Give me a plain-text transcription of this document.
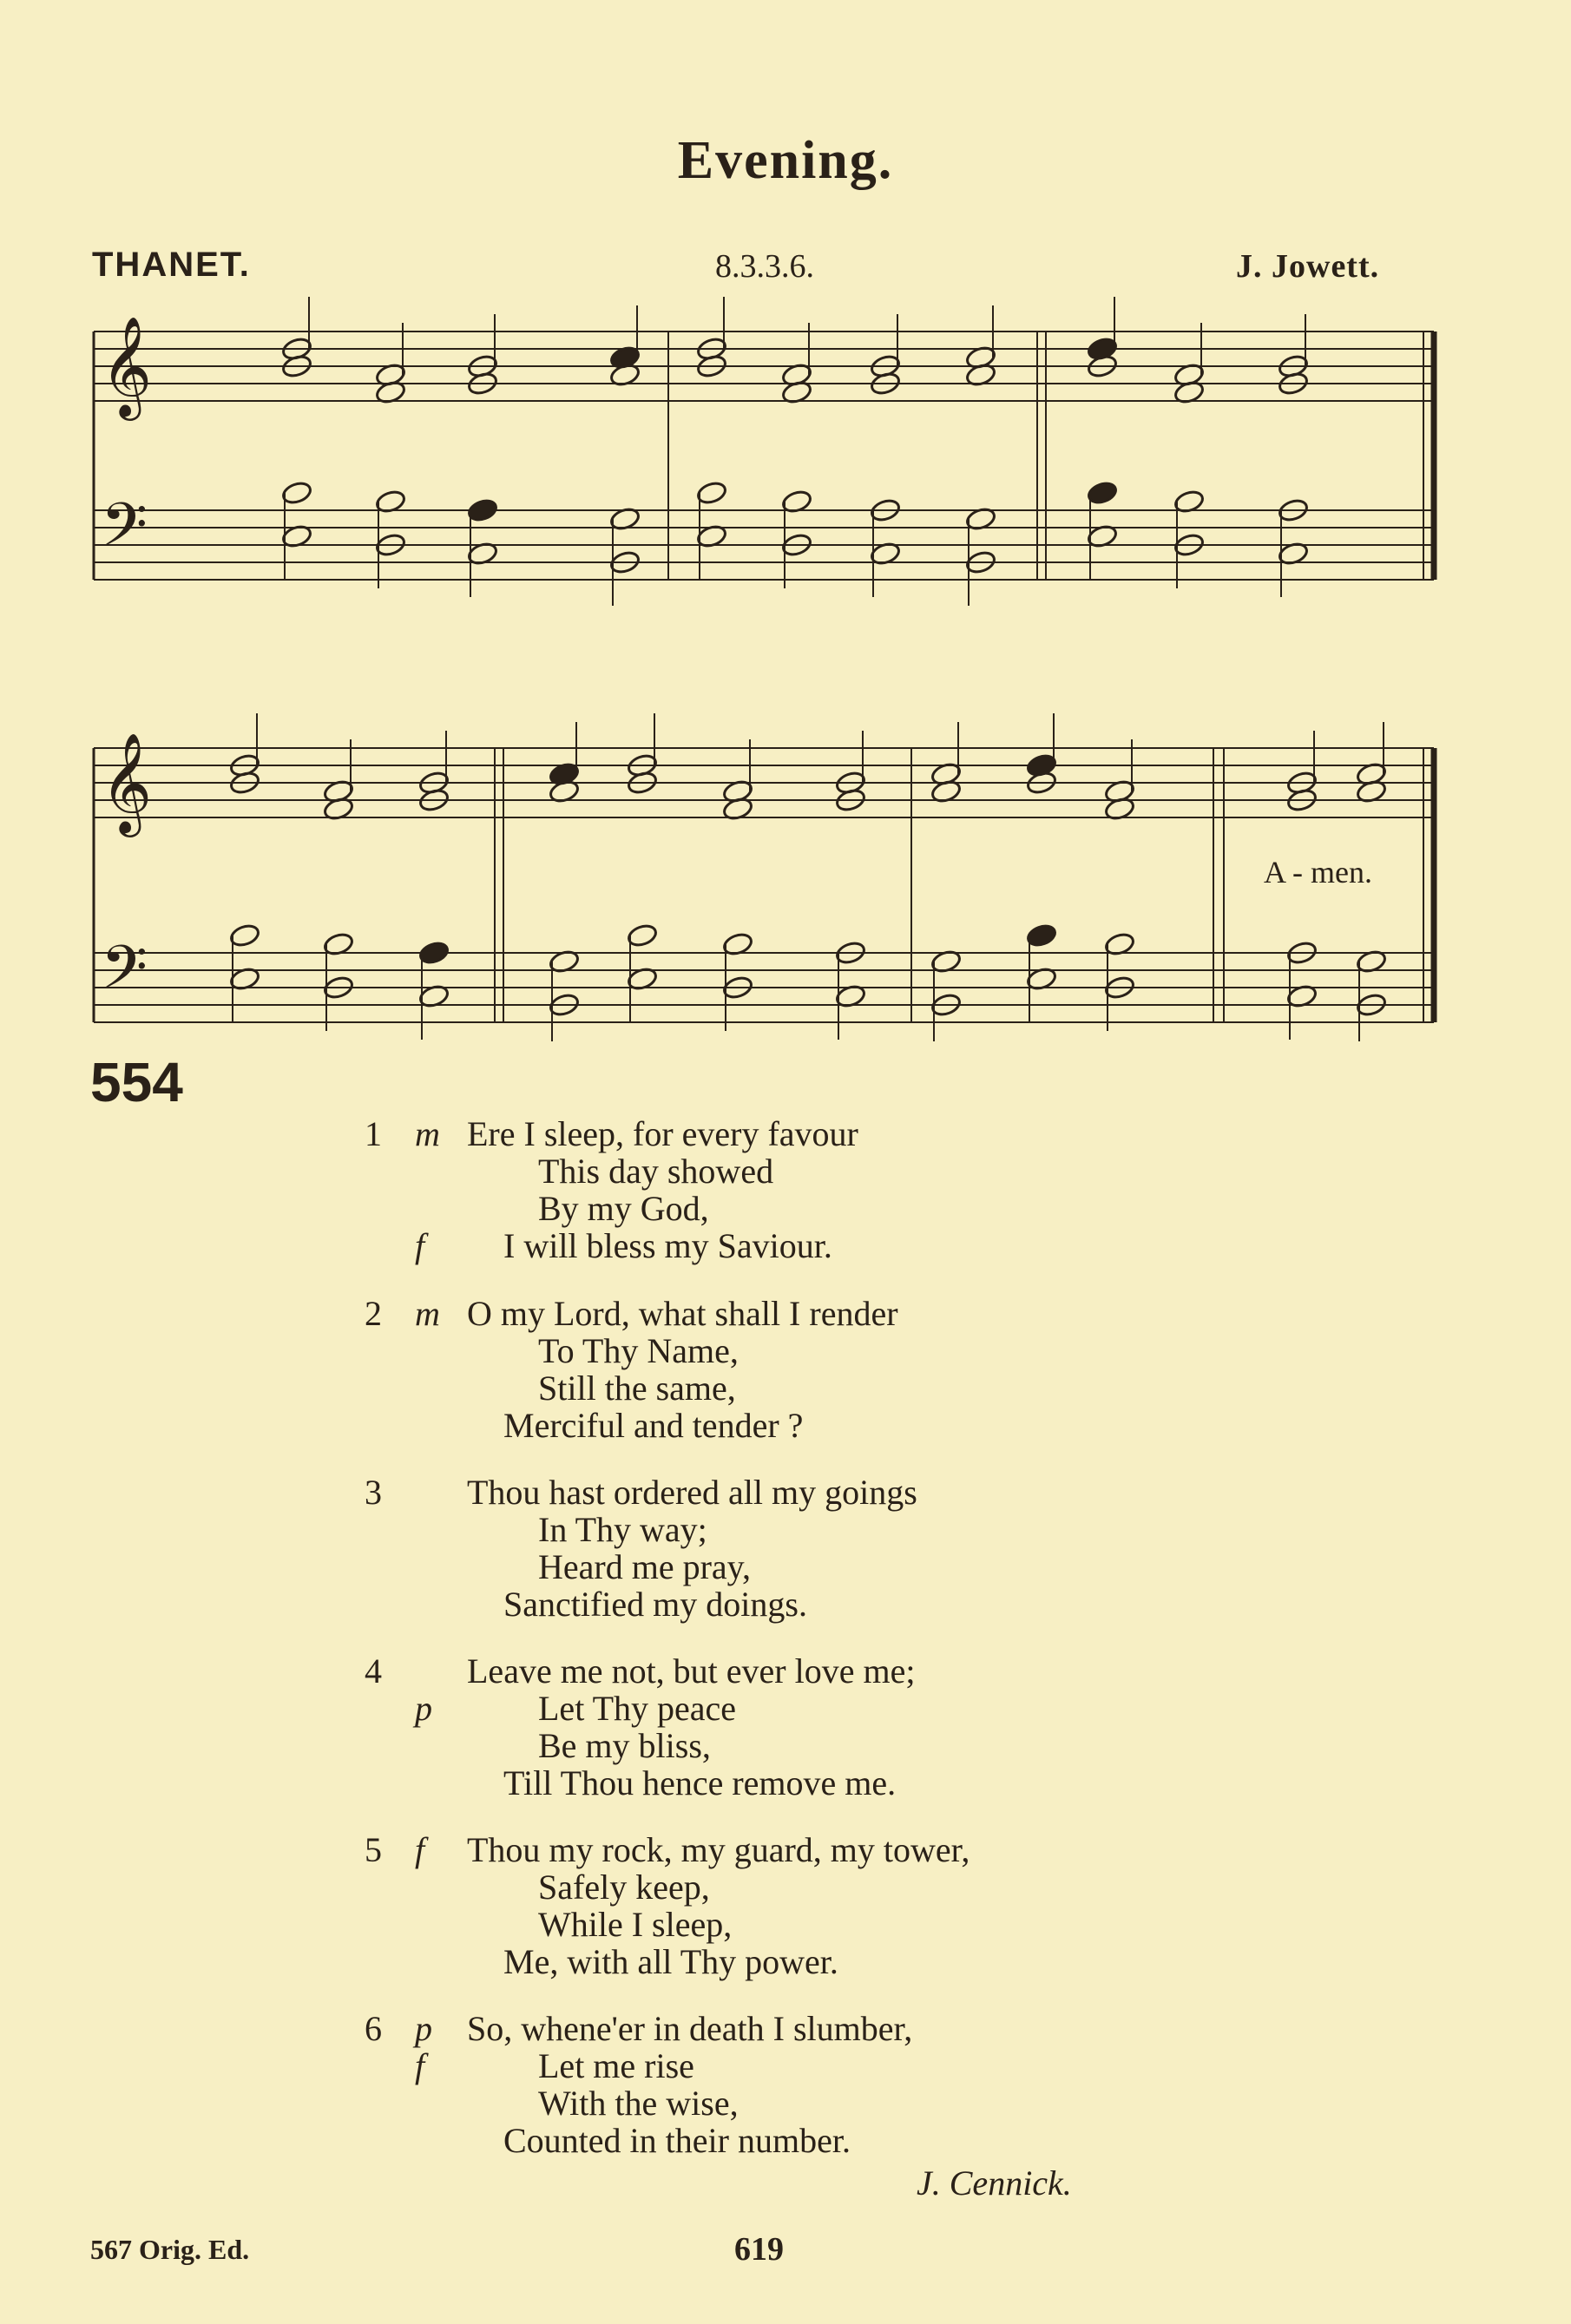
Evening.
THANET.	8.3.3.6.	J. Jowett.
𝄞
𝄢
𝄞
𝄢
A - men.
554
1 m Ere I sleep, for every favour
This day showed
By my God,
f I will bless my Saviour.
2 m O my Lord, what shall I render
To Thy Name,
Still the same,
Merciful and tender ?
3 Thou hast ordered all my goings
In Thy way;
Heard me pray,
Sanctified my doings.
4 Leave me not, but ever love me;
p	Let Thy peace
Be my bliss,
Till Thou hence remove me.
5 f Thou my rock, my guard, my tower,
Safely keep,
While I sleep,
Me, with all Thy power.
6 p So, whene'er in death I slumber,
f	Let me rise
With the wise,
Counted in their number.
J. Cennick.
567 Orig. Ed.	619
